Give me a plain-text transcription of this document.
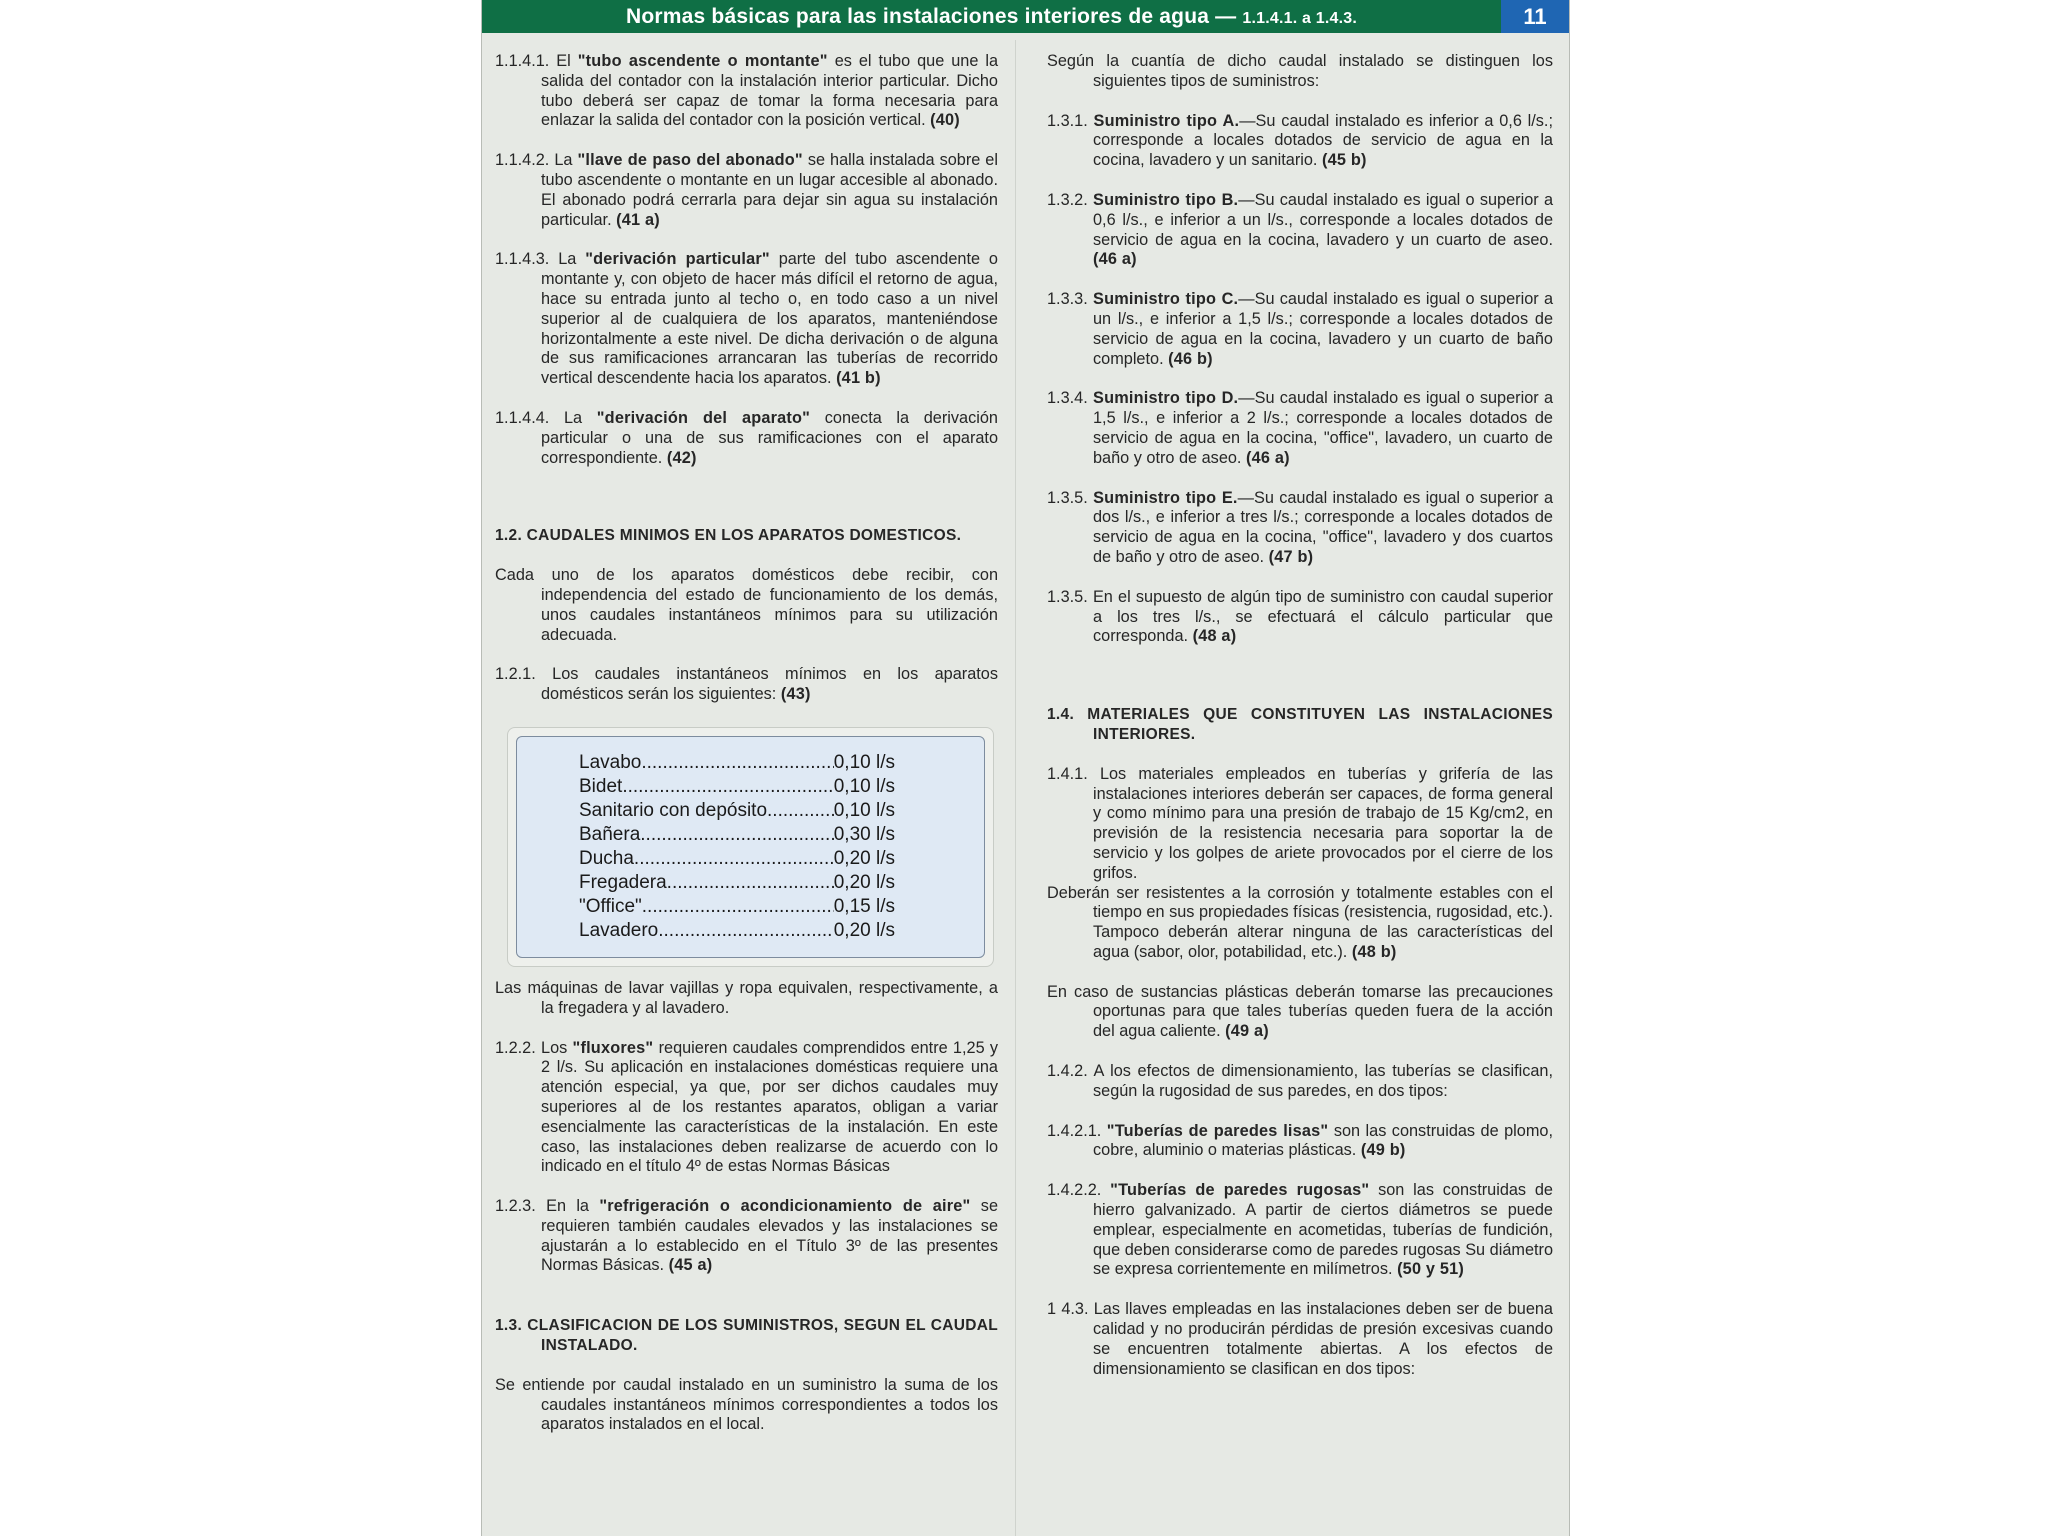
Normas básicas para las instalaciones interiores de agua — 1.1.4.1. a 1.4.3.	11

1.1.4.1. El "tubo ascendente o montante" es el tubo que une la salida del contador con la instalación interior particular. Dicho tubo deberá ser capaz de tomar la forma necesaria para enlazar la salida del contador con la posición vertical. (40)

1.1.4.2. La "llave de paso del abonado" se halla instalada sobre el tubo ascendente o montante en un lugar accesible al abonado. El abonado podrá cerrarla para dejar sin agua su instalación particular. (41 a)

1.1.4.3. La "derivación particular" parte del tubo ascendente o montante y, con objeto de hacer más difícil el retorno de agua, hace su entrada junto al techo o, en todo caso a un nivel superior al de cualquiera de los aparatos, manteniéndose horizontalmente a este nivel. De dicha derivación o de alguna de sus ramificaciones arrancaran las tuberías de recorrido vertical descendente hacia los aparatos. (41 b)

1.1.4.4. La "derivación del aparato" conecta la derivación particular o una de sus ramificaciones con el aparato correspondiente. (42)

1.2. CAUDALES MINIMOS EN LOS APARATOS DOMESTICOS.

Cada uno de los aparatos domésticos debe recibir, con independencia del estado de funcionamiento de los demás, unos caudales instantáneos mínimos para su utilización adecuada.

1.2.1. Los caudales instantáneos mínimos en los aparatos domésticos serán los siguientes: (43)

Lavabo .....	0,10 l/s
Bidet .....	0,10 l/s
Sanitario con depósito .....	0,10 l/s
Bañera .....	0,30 l/s
Ducha .....	0,20 l/s
Fregadera .....	0,20 l/s
"Office" .....	0,15 l/s
Lavadero .....	0,20 l/s

Las máquinas de lavar vajillas y ropa equivalen, respectivamente, a la fregadera y al lavadero.

1.2.2. Los "fluxores" requieren caudales comprendidos entre 1,25 y 2 l/s. Su aplicación en instalaciones domésticas requiere una atención especial, ya que, por ser dichos caudales muy superiores al de los restantes aparatos, obligan a variar esencialmente las características de la instalación. En este caso, las instalaciones deben realizarse de acuerdo con lo indicado en el título 4º de estas Normas Básicas

1.2.3. En la "refrigeración o acondicionamiento de aire" se requieren también caudales elevados y las instalaciones se ajustarán a lo establecido en el Título 3º de las presentes Normas Básicas. (45 a)

1.3. CLASIFICACION DE LOS SUMINISTROS, SEGUN EL CAUDAL INSTALADO.

Se entiende por caudal instalado en un suministro la suma de los caudales instantáneos mínimos correspondientes a todos los aparatos instalados en el local.

Según la cuantía de dicho caudal instalado se distinguen los siguientes tipos de suministros:

1.3.1. Suministro tipo A.—Su caudal instalado es inferior a 0,6 l/s.; corresponde a locales dotados de servicio de agua en la cocina, lavadero y un sanitario. (45 b)

1.3.2. Suministro tipo B.—Su caudal instalado es igual o superior a 0,6 l/s., e inferior a un l/s., corresponde a locales dotados de servicio de agua en la cocina, lavadero y un cuarto de aseo. (46 a)

1.3.3. Suministro tipo C.—Su caudal instalado es igual o superior a un l/s., e inferior a 1,5 l/s.; corresponde a locales dotados de servicio de agua en la cocina, lavadero y un cuarto de baño completo. (46 b)

1.3.4. Suministro tipo D.—Su caudal instalado es igual o superior a 1,5 l/s., e inferior a 2 l/s.; corresponde a locales dotados de servicio de agua en la cocina, "office", lavadero, un cuarto de baño y otro de aseo. (46 a)

1.3.5. Suministro tipo E.—Su caudal instalado es igual o superior a dos l/s., e inferior a tres l/s.; corresponde a locales dotados de servicio de agua en la cocina, "office", lavadero y dos cuartos de baño y otro de aseo. (47 b)

1.3.5. En el supuesto de algún tipo de suministro con caudal superior a los tres l/s., se efectuará el cálculo particular que corresponda. (48 a)

1.4. MATERIALES QUE CONSTITUYEN LAS INSTALACIONES INTERIORES.

1.4.1. Los materiales empleados en tuberías y grifería de las instalaciones interiores deberán ser capaces, de forma general y como mínimo para una presión de trabajo de 15 Kg/cm2, en previsión de la resistencia necesaria para soportar la de servicio y los golpes de ariete provocados por el cierre de los grifos.

Deberán ser resistentes a la corrosión y totalmente estables con el tiempo en sus propiedades físicas (resistencia, rugosidad, etc.). Tampoco deberán alterar ninguna de las características del agua (sabor, olor, potabilidad, etc.). (48 b)

En caso de sustancias plásticas deberán tomarse las precauciones oportunas para que tales tuberías queden fuera de la acción del agua caliente. (49 a)

1.4.2. A los efectos de dimensionamiento, las tuberías se clasifican, según la rugosidad de sus paredes, en dos tipos:

1.4.2.1. "Tuberías de paredes lisas" son las construidas de plomo, cobre, aluminio o materias plásticas. (49 b)

1.4.2.2. "Tuberías de paredes rugosas" son las construidas de hierro galvanizado. A partir de ciertos diámetros se puede emplear, especialmente en acometidas, tuberías de fundición, que deben considerarse como de paredes rugosas Su diámetro se expresa corrientemente en milímetros. (50 y 51)

1 4.3. Las llaves empleadas en las instalaciones deben ser de buena calidad y no producirán pérdidas de presión excesivas cuando se encuentren totalmente abiertas. A los efectos de dimensionamiento se clasifican en dos tipos:
